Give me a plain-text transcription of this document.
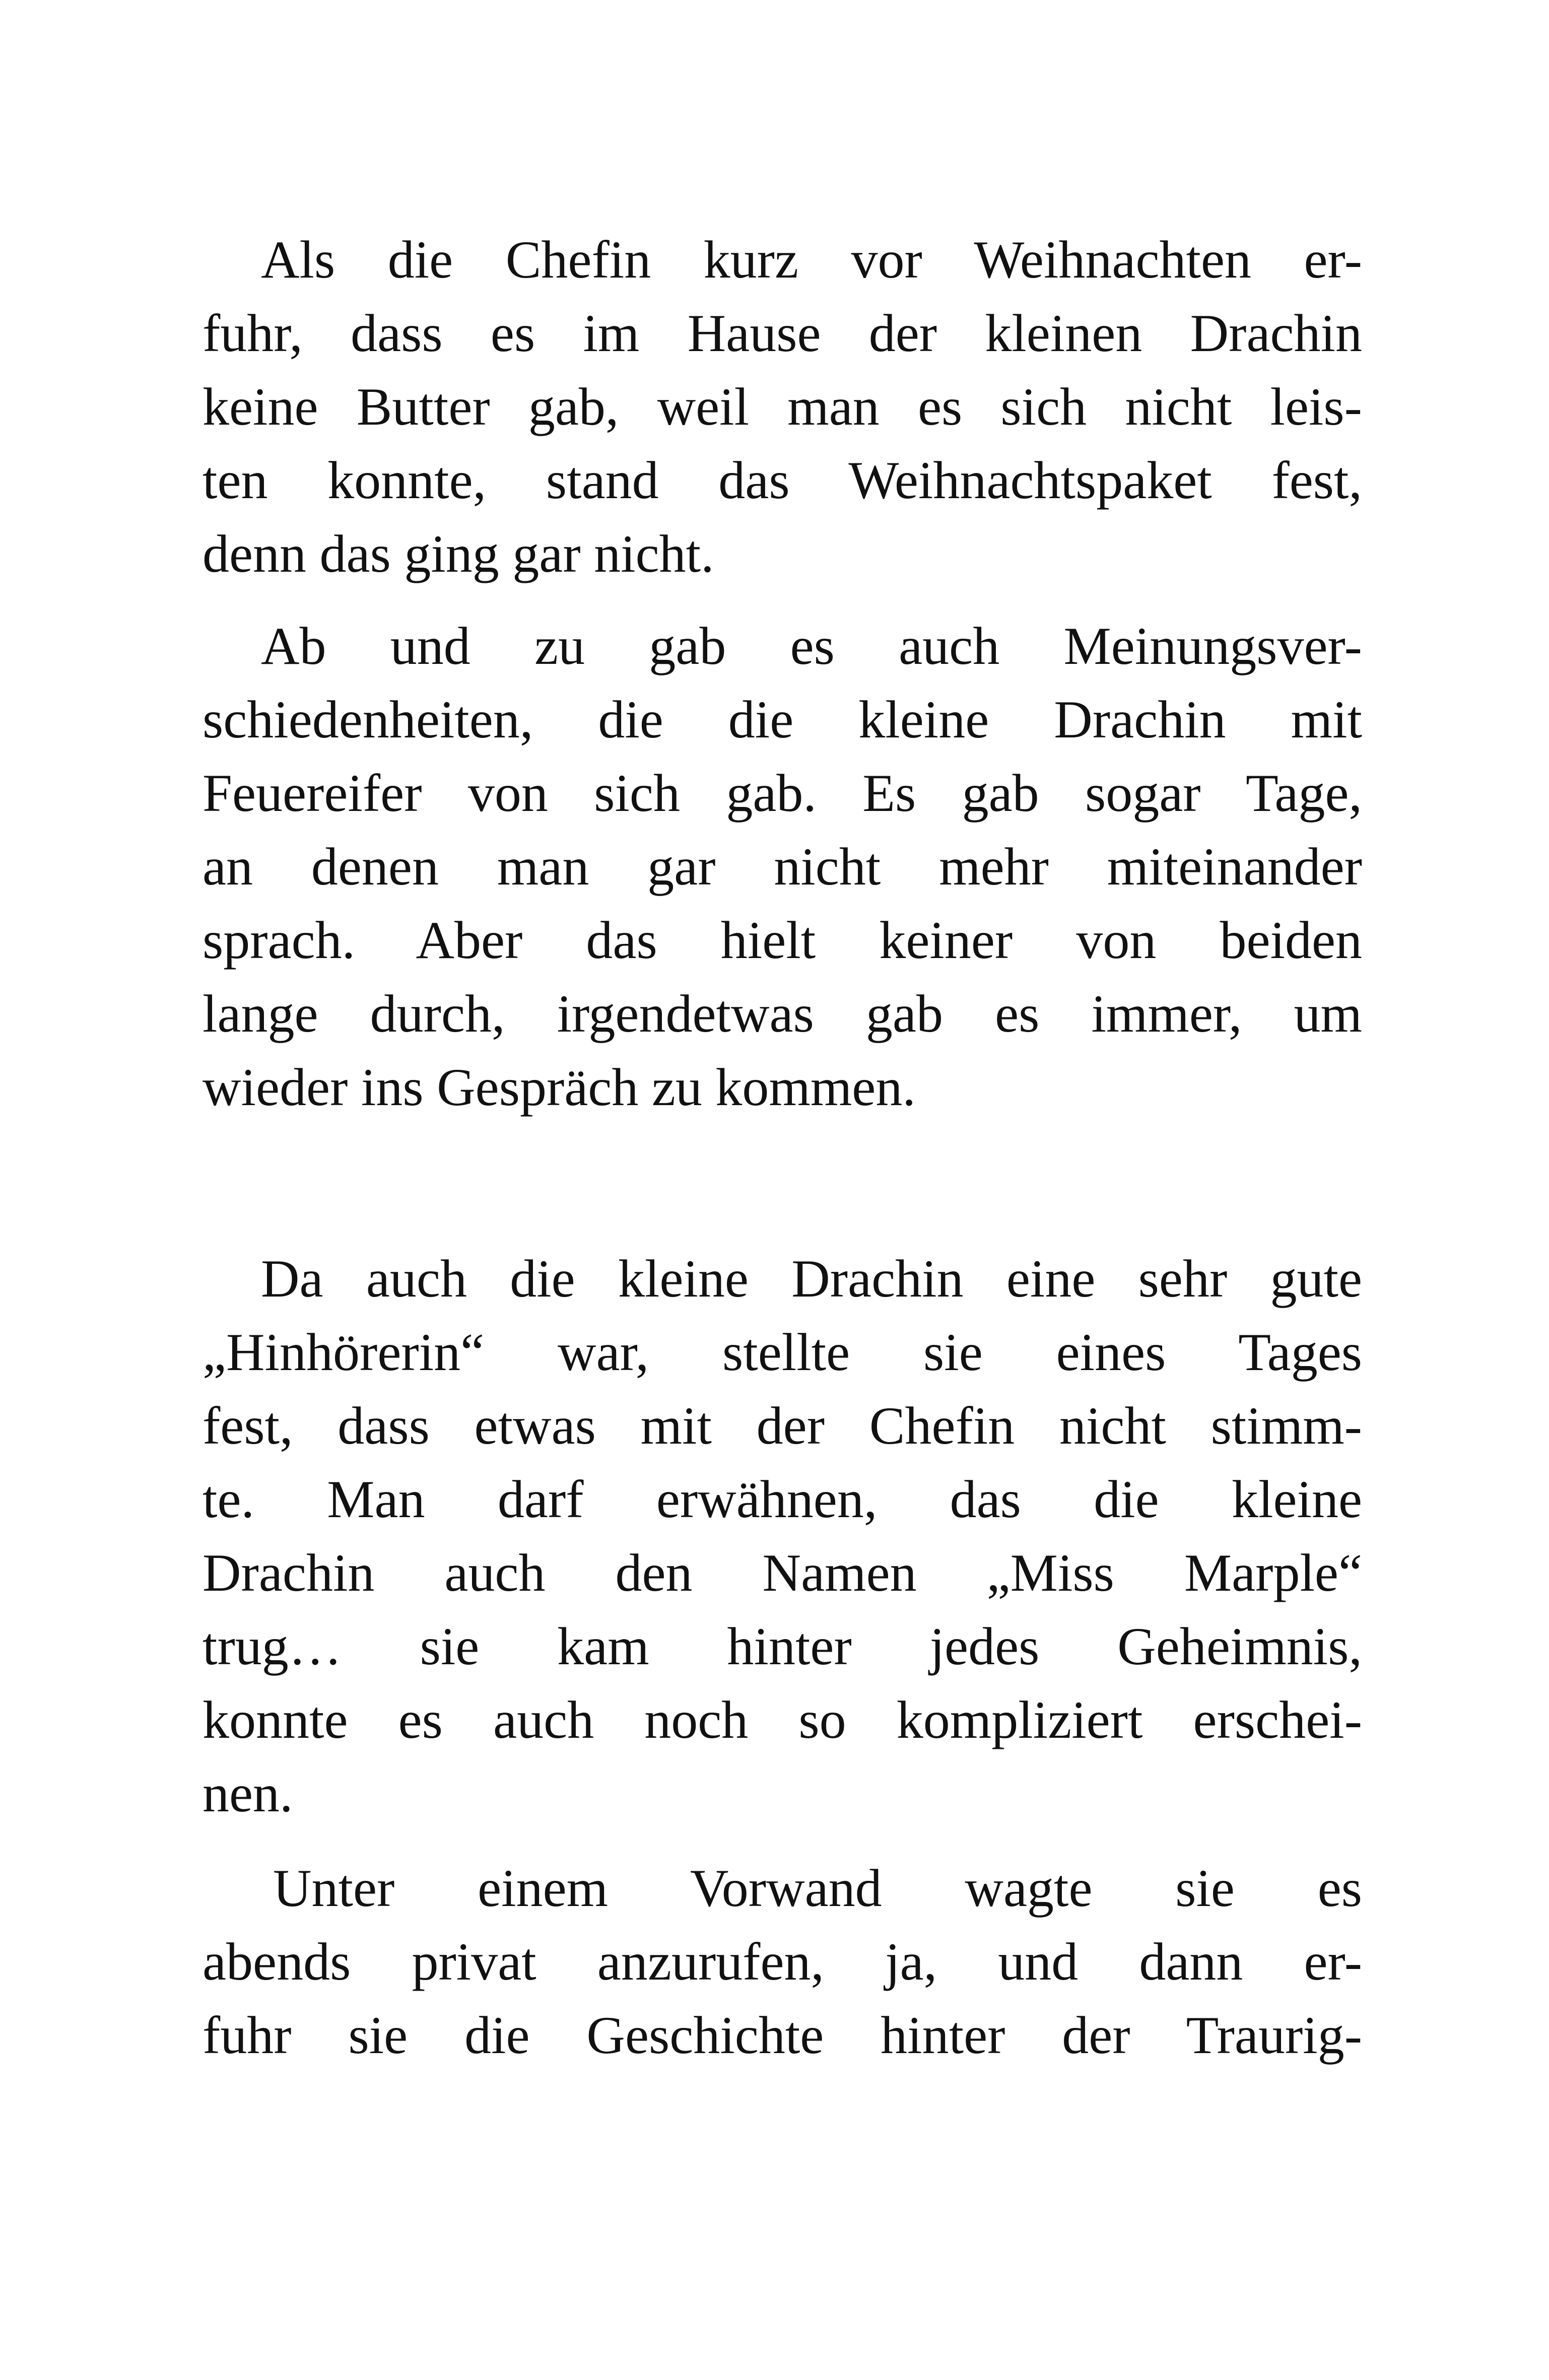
Als die Chefin kurz vor Weihnachten er-
fuhr, dass es im Hause der kleinen Drachin
keine Butter gab, weil man es sich nicht leis-
ten konnte, stand das Weihnachtspaket fest,
denn das ging gar nicht.
Ab und zu gab es auch Meinungsver-
schiedenheiten, die die kleine Drachin mit
Feuereifer von sich gab. Es gab sogar Tage,
an denen man gar nicht mehr miteinander
sprach. Aber das hielt keiner von beiden
lange durch, irgendetwas gab es immer, um
wieder ins Gespräch zu kommen.
Da auch die kleine Drachin eine sehr gute
„Hinhörerin“ war, stellte sie eines Tages
fest, dass etwas mit der Chefin nicht stimm-
te. Man darf erwähnen, das die kleine
Drachin auch den Namen „Miss Marple“
trug… sie kam hinter jedes Geheimnis,
konnte es auch noch so kompliziert erschei-
nen.
Unter einem Vorwand wagte sie es
abends privat anzurufen, ja, und dann er-
fuhr sie die Geschichte hinter der Traurig-
